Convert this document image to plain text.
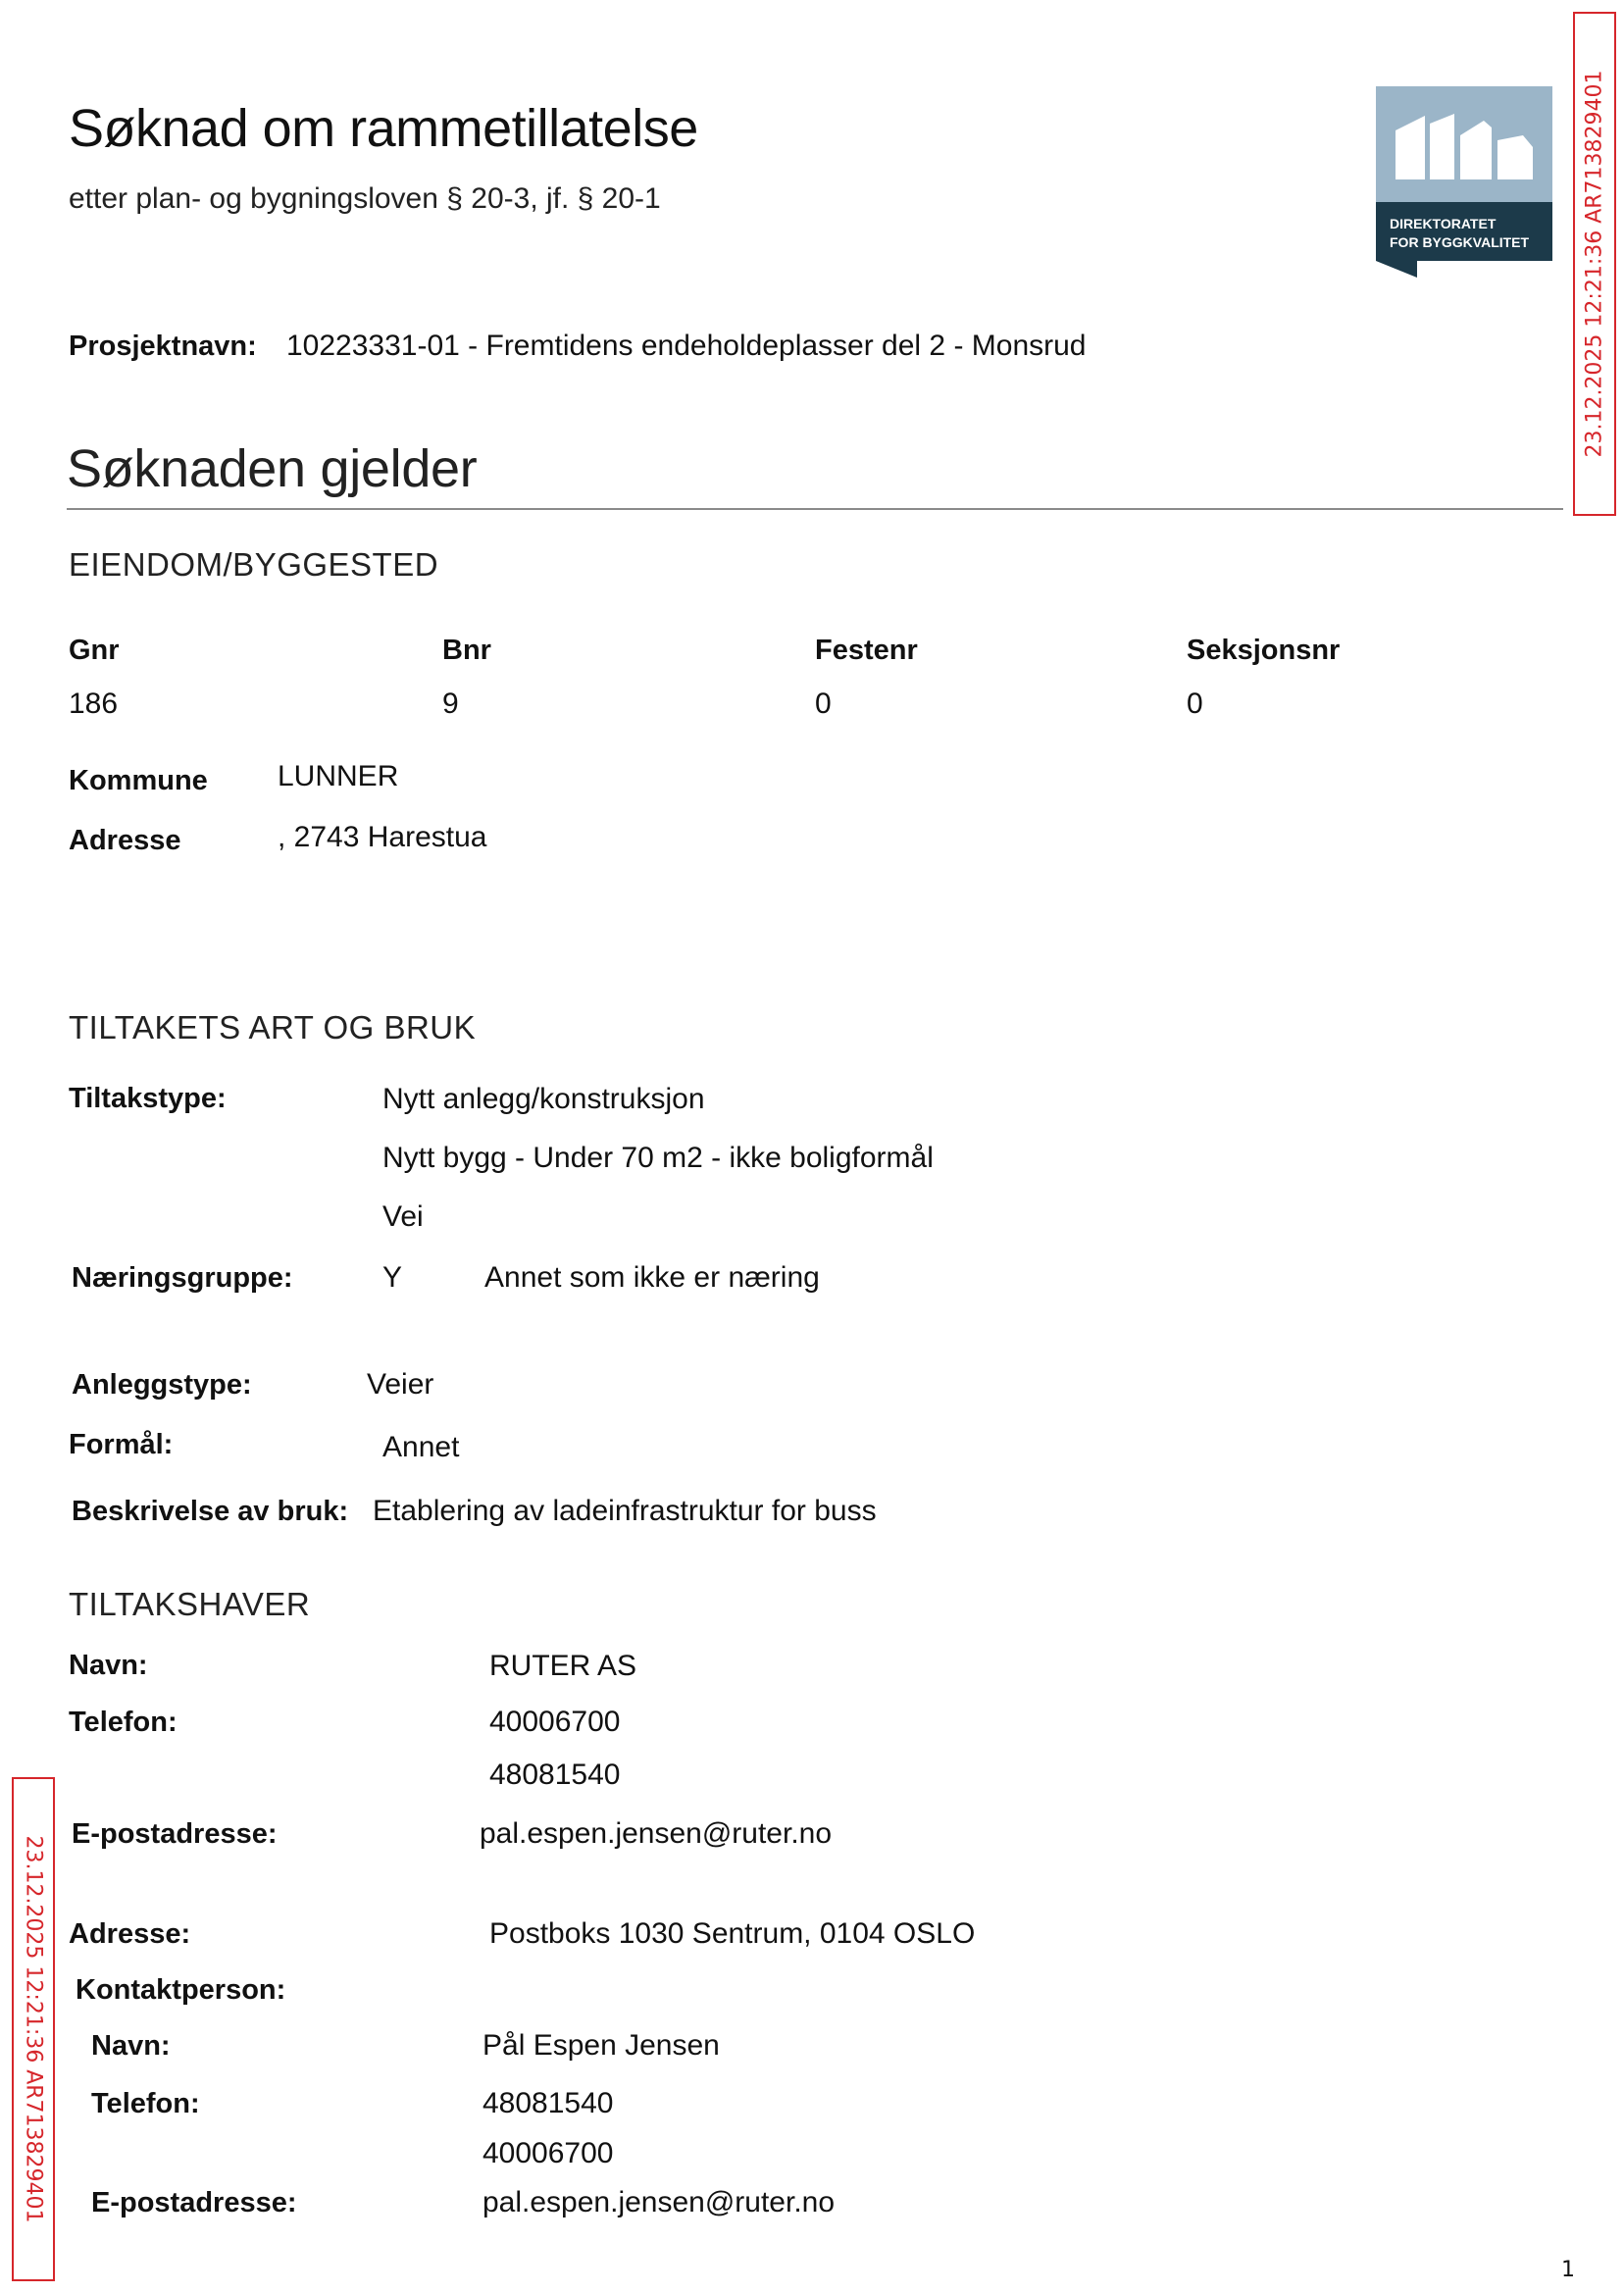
Søknad om rammetillatelse
etter plan- og bygningsloven § 20-3, jf. § 20-1
DIREKTORATET
FOR BYGGKVALITET
Prosjektnavn: 10223331-01 - Fremtidens endeholdeplasser del 2 - Monsrud
Søknaden gjelder
EIENDOM/BYGGESTED
Gnr	Bnr	Festenr	Seksjonsnr
186	9	0	0
Kommune LUNNER
Adresse	, 2743 Harestua
TILTAKETS ART OG BRUK
Tiltakstype:	Nytt anlegg/konstruksjon
Nytt bygg - Under 70 m2 - ikke boligformål
Vei
Næringsgruppe:	Y	Annet som ikke er næring
Anleggstype:	Veier
Formål:	Annet
Beskrivelse av bruk: Etablering av ladeinfrastruktur for buss
TILTAKSHAVER
Navn:	RUTER AS
Telefon:	40006700
48081540
E-postadresse:	pal.espen.jensen@ruter.no
Adresse:	Postboks 1030 Sentrum, 0104 OSLO
Kontaktperson:
Navn:	Pål Espen Jensen
Telefon:	48081540
40006700
E-postadresse:	pal.espen.jensen@ruter.no
1
23.12.2025 12:21:36 AR713829401
23.12.2025 12:21:36 AR713829401
